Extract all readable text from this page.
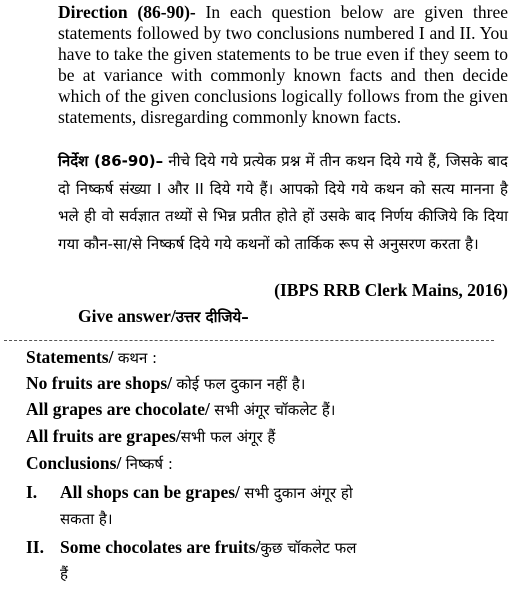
Direction (86-90)- In each question below are given three statements followed by two conclusions numbered I and II. You have to take the given statements to be true even if they seem to be at variance with commonly known facts and then decide which of the given conclusions logically follows from the given statements, disregarding commonly known facts.
निर्देश (86-90)– नीचे दिये गये प्रत्येक प्रश्न में तीन कथन दिये गये हैं, जिसके बाद दो निष्कर्ष संख्या I और II दिये गये हैं। आपको दिये गये कथन को सत्य मानना है भले ही वो सर्वज्ञात तथ्यों से भिन्न प्रतीत होते हों उसके बाद निर्णय कीजिये कि दिया गया कौन-सा/से निष्कर्ष दिये गये कथनों को तार्किक रूप से अनुसरण करता है।
(IBPS RRB Clerk Mains, 2016)
Give answer/उत्तर दीजिये–
Statements/ कथन :
No fruits are shops/ कोई फल दुकान नहीं है।
All grapes are chocolate/ सभी अंगूर चॉकलेट हैं।
All fruits are grapes/सभी फल अंगूर हैं
Conclusions/ निष्कर्ष :
I. All shops can be grapes/ सभी दुकान अंगूर हो
सकता है।
II. Some chocolates are fruits/कुछ चॉकलेट फल
हैं
